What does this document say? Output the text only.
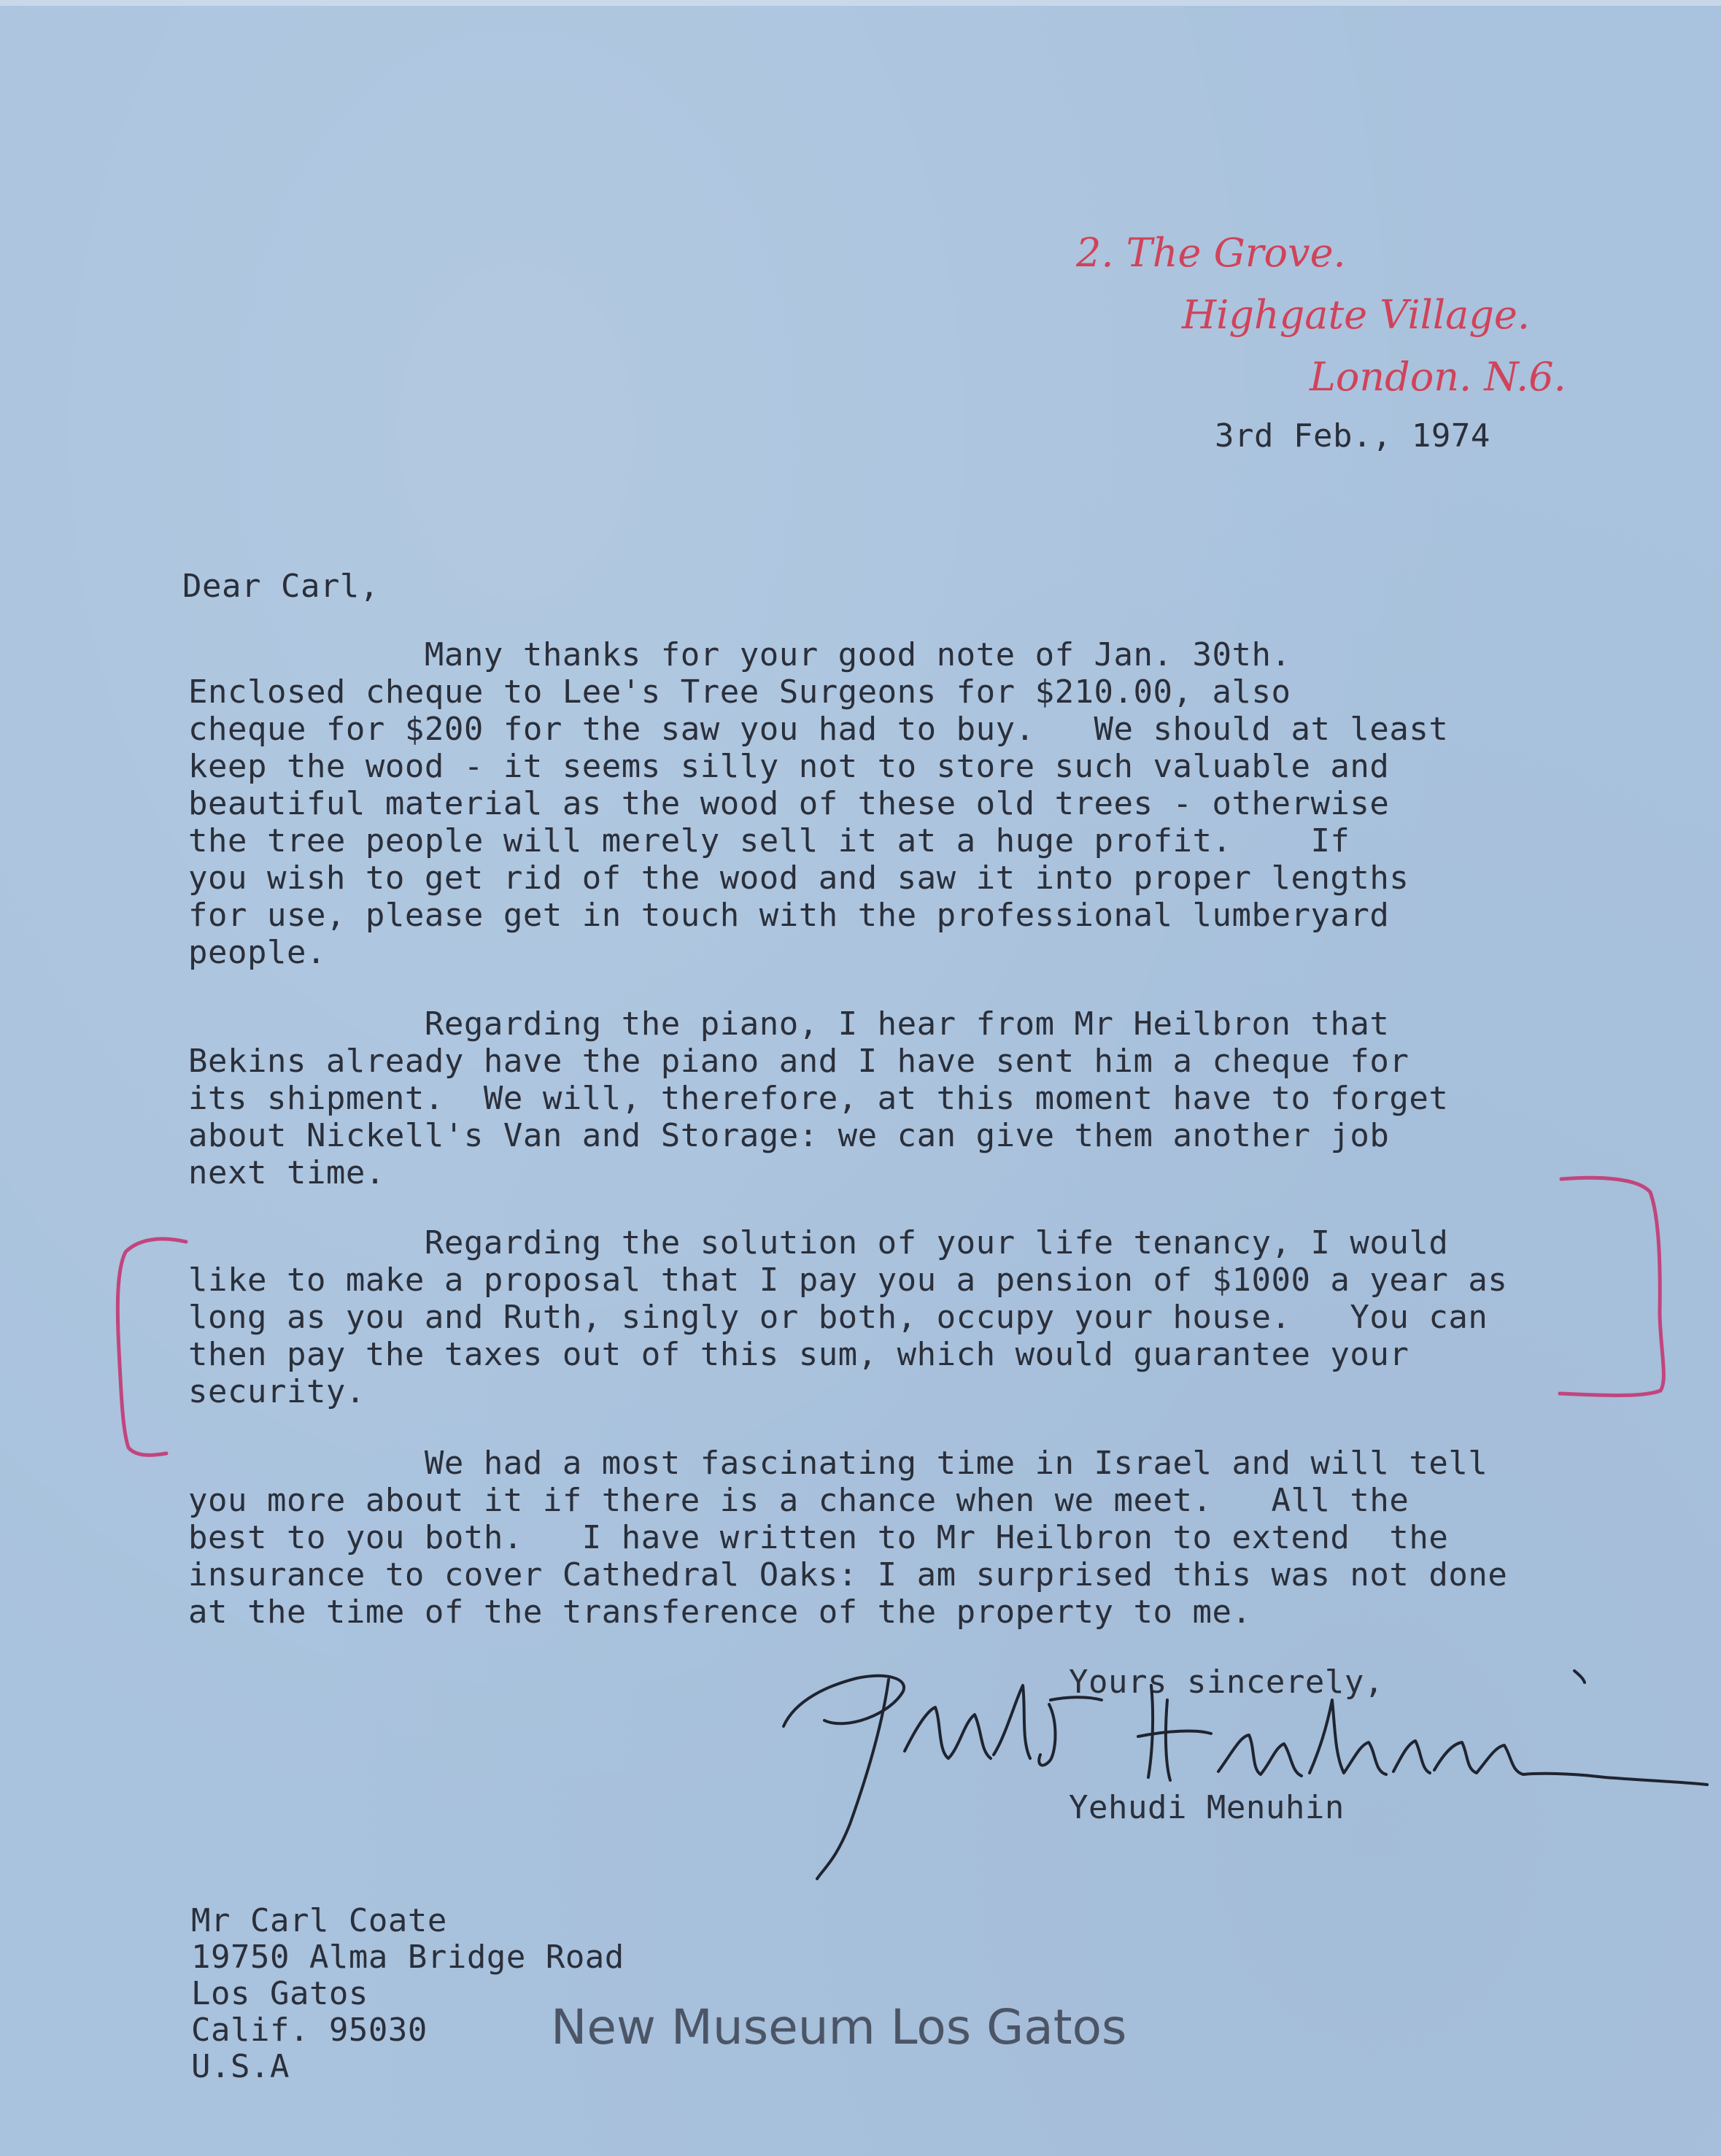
2. The Grove.
Highgate Village.
London. N.6.
3rd Feb., 1974
Dear Carl,
Many thanks for your good note of Jan. 30th.
Enclosed cheque to Lee's Tree Surgeons for $210.00, also
cheque for $200 for the saw you had to buy.   We should at least
keep the wood - it seems silly not to store such valuable and
beautiful material as the wood of these old trees - otherwise
the tree people will merely sell it at a huge profit.    If
you wish to get rid of the wood and saw it into proper lengths
for use, please get in touch with the professional lumberyard
people.
Regarding the piano, I hear from Mr Heilbron that
Bekins already have the piano and I have sent him a cheque for
its shipment.  We will, therefore, at this moment have to forget
about Nickell's Van and Storage: we can give them another job
next time.
Regarding the solution of your life tenancy, I would
like to make a proposal that I pay you a pension of $1000 a year as
long as you and Ruth, singly or both, occupy your house.   You can
then pay the taxes out of this sum, which would guarantee your
security.
We had a most fascinating time in Israel and will tell
you more about it if there is a chance when we meet.   All the
best to you both.   I have written to Mr Heilbron to extend  the
insurance to cover Cathedral Oaks: I am surprised this was not done
at the time of the transference of the property to me.
Yours sincerely,
Yehudi Menuhin
Mr Carl Coate
19750 Alma Bridge Road
Los Gatos
Calif. 95030
U.S.A
New Museum Los Gatos
